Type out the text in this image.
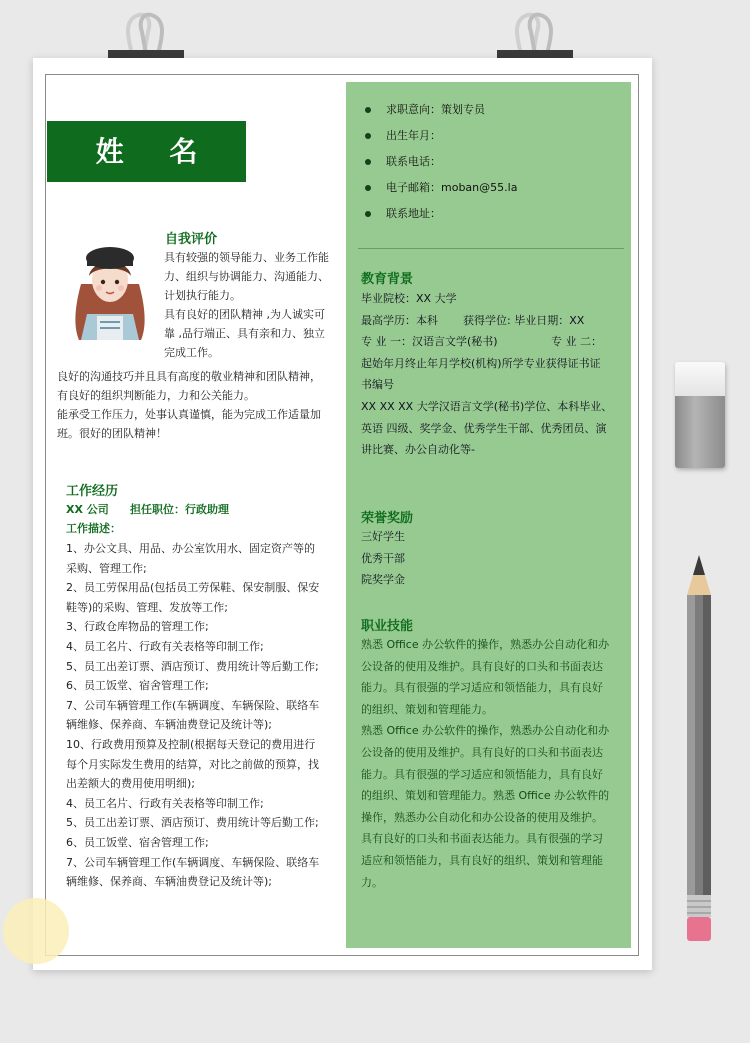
姓 名
自我评价
具有较强的领导能力、业务工作能
力、组织与协调能力、沟通能力、
计划执行能力。
具有良好的团队精神 ,为人诚实可
靠 ,品行端正、具有亲和力、独立
完成工作。
良好的沟通技巧并且具有高度的敬业精神和团队精神，
有良好的组织判断能力，力和公关能力。
能承受工作压力，处事认真谨慎，能为完成工作适量加
班。很好的团队精神！
工作经历
XX 公司 担任职位：行政助理
工作描述：
1、办公文具、用品、办公室饮用水、固定资产等的
采购、管理工作;
2、员工劳保用品(包括员工劳保鞋、保安制服、保安
鞋等)的采购、管理、发放等工作;
3、行政仓库物品的管理工作;
4、员工名片、行政有关表格等印制工作;
5、员工出差订票、酒店预订、费用统计等后勤工作;
6、员工饭堂、宿舍管理工作;
7、公司车辆管理工作(车辆调度、车辆保险、联络车
辆维修、保养商、车辆油费登记及统计等);
10、行政费用预算及控制(根据每天登记的费用进行
每个月实际发生费用的结算，对比之前做的预算，找
出差额大的费用使用明细);
4、员工名片、行政有关表格等印制工作;
5、员工出差订票、酒店预订、费用统计等后勤工作;
6、员工饭堂、宿舍管理工作;
7、公司车辆管理工作(车辆调度、车辆保险、联络车
辆维修、保养商、车辆油费登记及统计等);
求职意向：策划专员
出生年月：
联系电话：
电子邮箱：moban@55.la
联系地址：
教育背景
毕业院校：XX 大学
最高学历：本科 获得学位: 毕业日期：XX
专 业 一：汉语言文学(秘书)	专 业 二：
起始年月终止年月学校(机构)所学专业获得证书证
书编号
XX XX XX 大学汉语言文学(秘书)学位、本科毕业、
英语 四级、奖学金、优秀学生干部、优秀团员、演
讲比赛、办公自动化等-
荣誉奖励
三好学生
优秀干部
院奖学金
职业技能
熟悉 Office 办公软件的操作，熟悉办公自动化和办
公设备的使用及维护。具有良好的口头和书面表达
能力。具有很强的学习适应和领悟能力，具有良好
的组织、策划和管理能力。
熟悉 Office 办公软件的操作，熟悉办公自动化和办
公设备的使用及维护。具有良好的口头和书面表达
能力。具有很强的学习适应和领悟能力，具有良好
的组织、策划和管理能力。熟悉 Office 办公软件的
操作，熟悉办公自动化和办公设备的使用及维护。
具有良好的口头和书面表达能力。具有很强的学习
适应和领悟能力，具有良好的组织、策划和管理能
力。
